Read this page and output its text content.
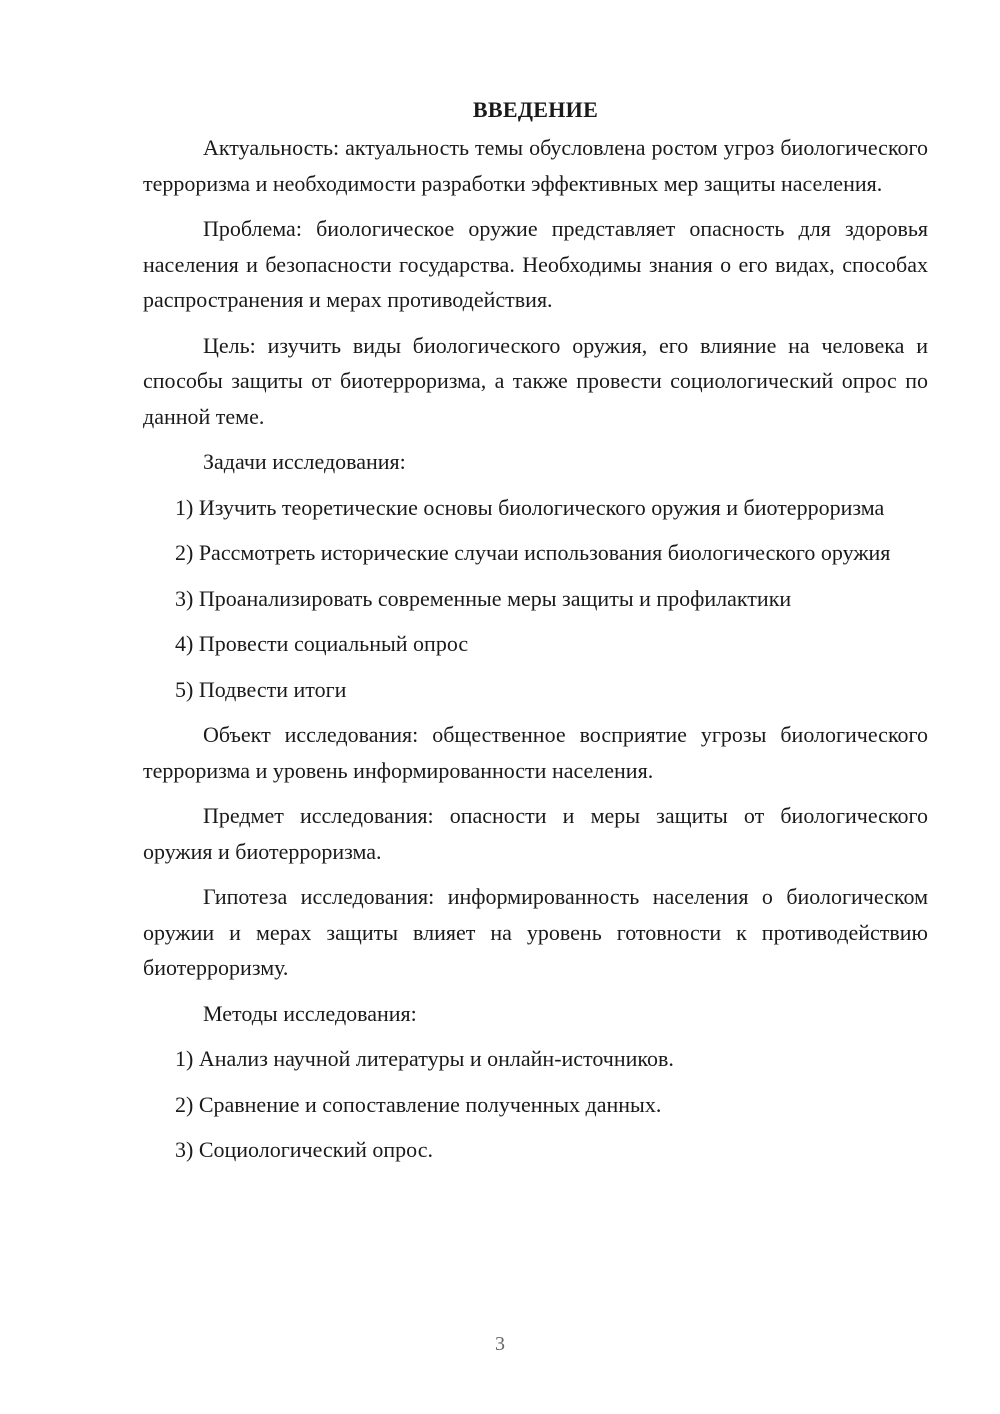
ВВЕДЕНИЕ

Актуальность: актуальность темы обусловлена ростом угроз биологического терроризма и необходимости разработки эффективных мер защиты населения.

Проблема: биологическое оружие представляет опасность для здоровья населения и безопасности государства. Необходимы знания о его видах, способах распространения и мерах противодействия.

Цель: изучить виды биологического оружия, его влияние на человека и способы защиты от биотерроризма, а также провести социологический опрос по данной теме.

Задачи исследования:

1) Изучить теоретические основы биологического оружия и биотерроризма

2) Рассмотреть исторические случаи использования биологического оружия

3) Проанализировать современные меры защиты и профилактики

4) Провести социальный опрос

5) Подвести итоги

Объект исследования: общественное восприятие угрозы биологического терроризма и уровень информированности населения.

Предмет исследования: опасности и меры защиты от биологического оружия и биотерроризма.

Гипотеза исследования: информированность населения о биологическом оружии и мерах защиты влияет на уровень готовности к противодействию биотерроризму.

Методы исследования:

1) Анализ научной литературы и онлайн-источников.

2) Сравнение и сопоставление полученных данных.

3) Социологический опрос.

3
